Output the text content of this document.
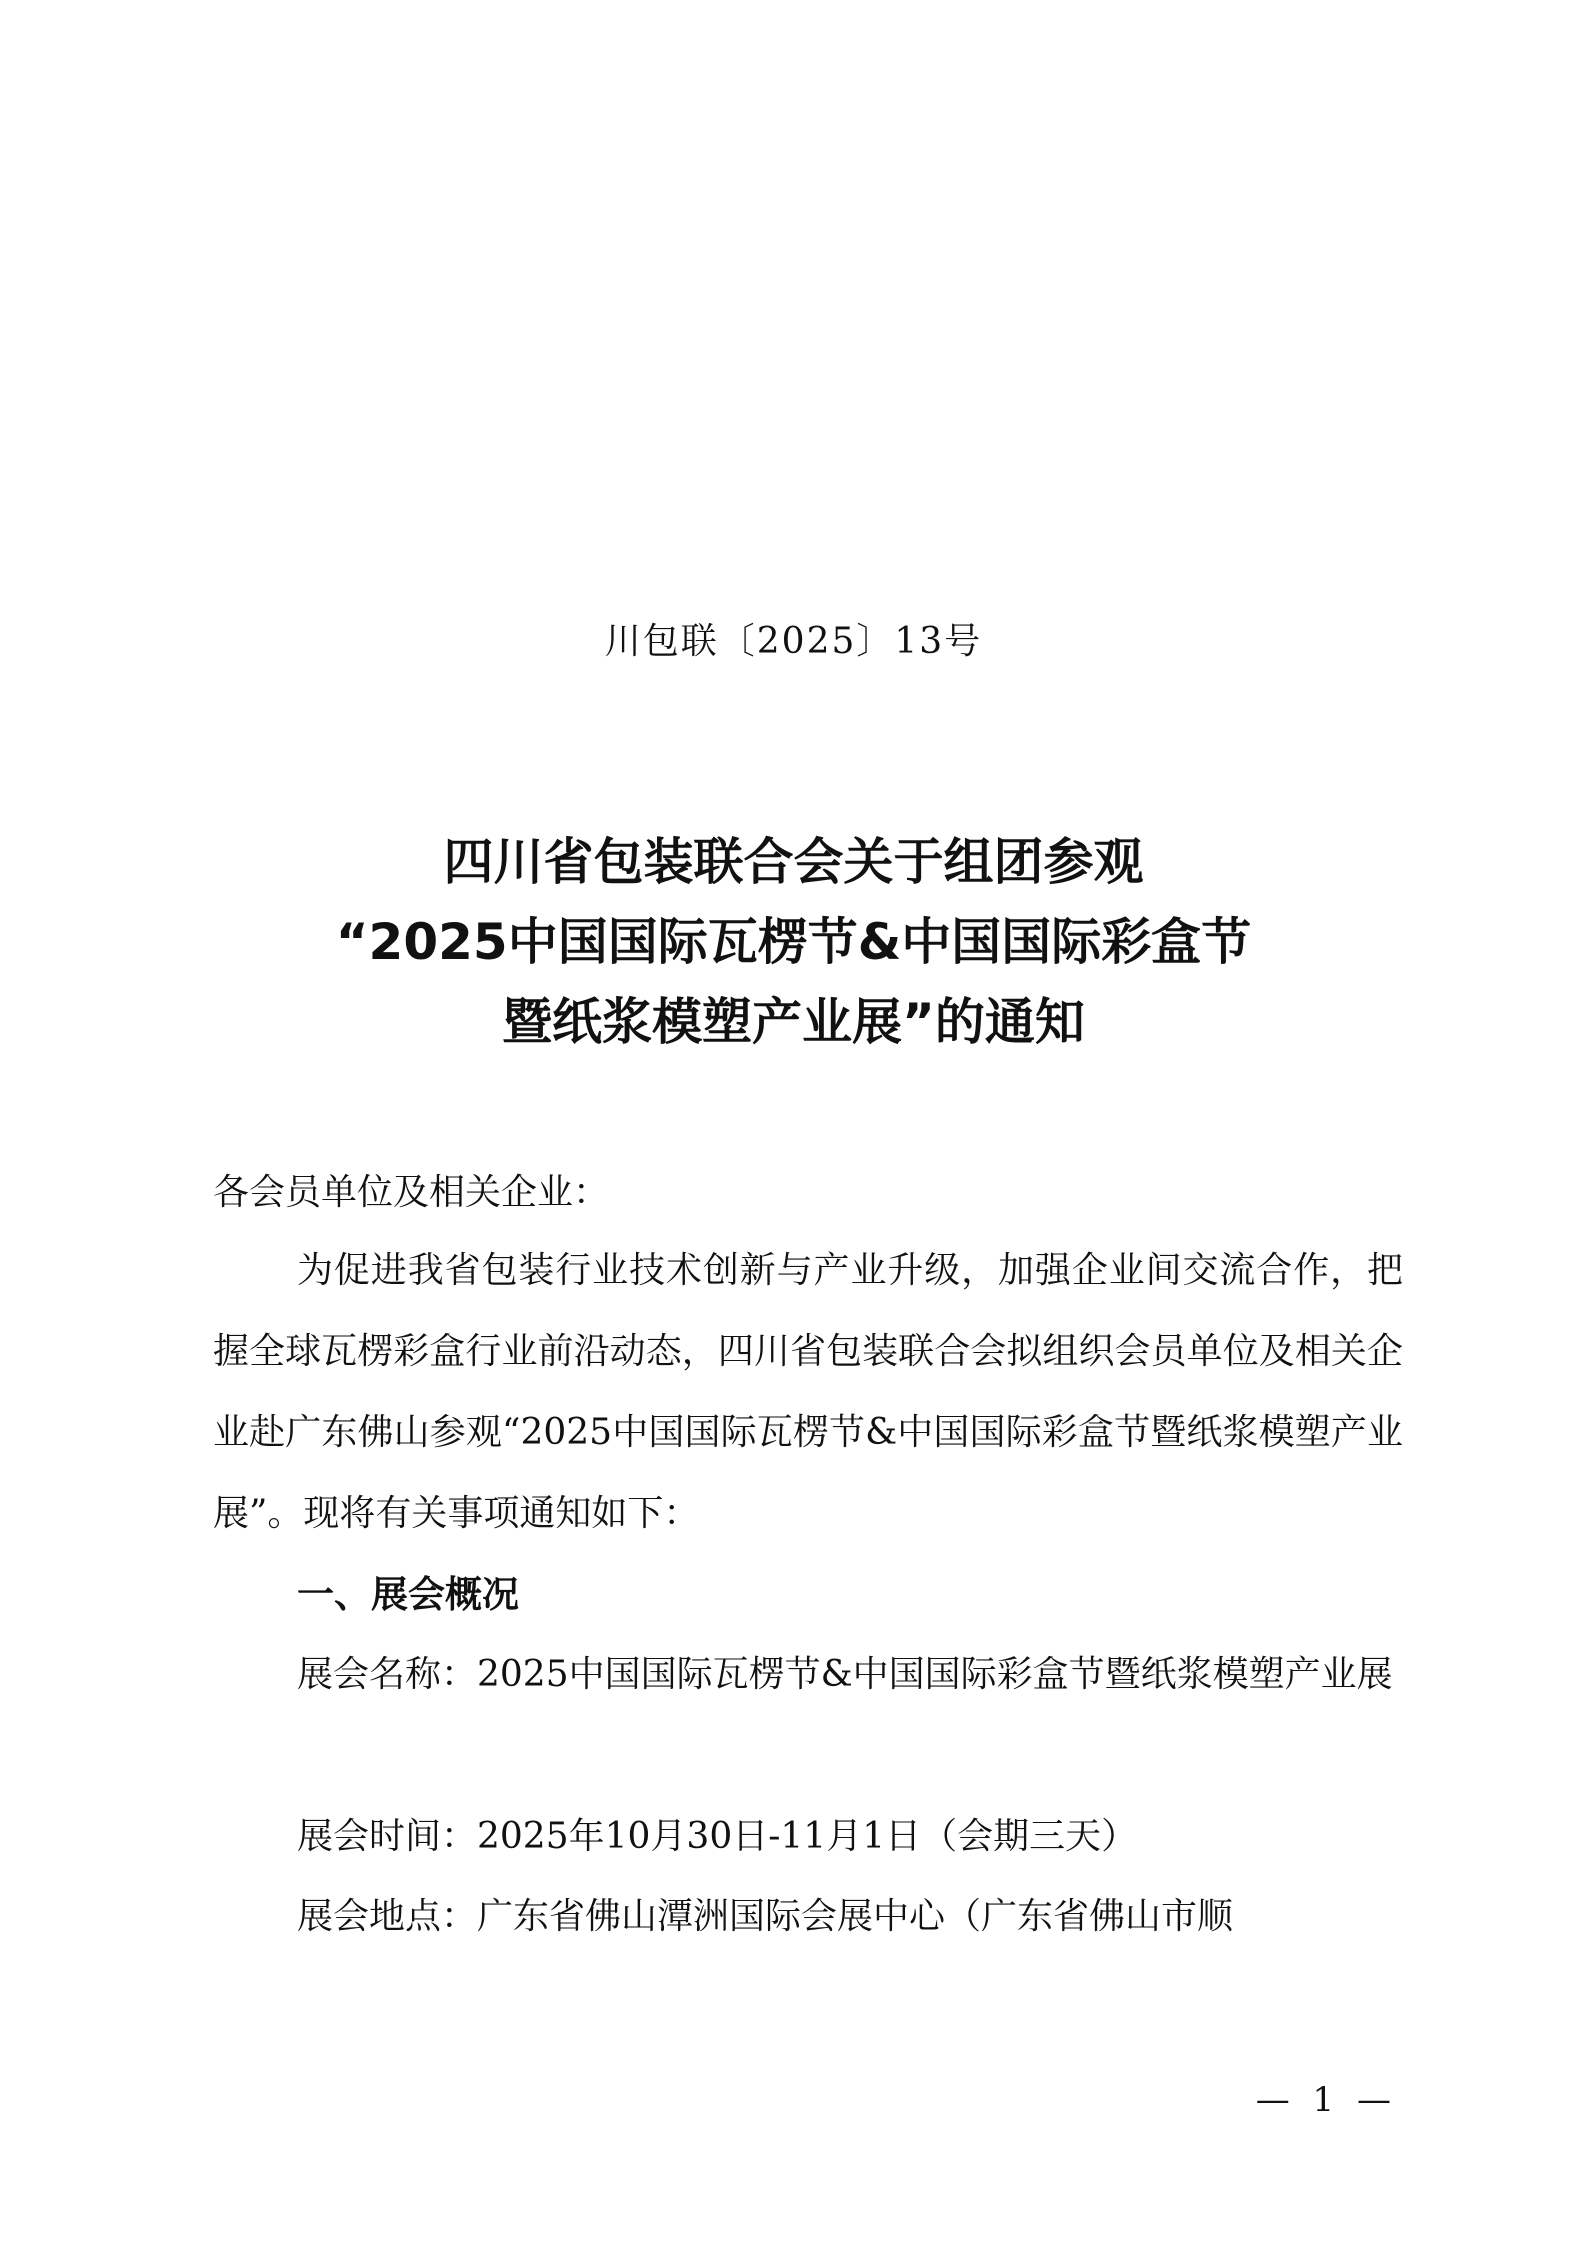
川包联〔2025〕13号
四川省包装联合会关于组团参观
“2025中国国际瓦楞节&中国国际彩盒节
暨纸浆模塑产业展”的通知
各会员单位及相关企业：
为促进我省包装行业技术创新与产业升级，加强企业间交流合作，把握全球瓦楞彩盒行业前沿动态，四川省包装联合会拟组织会员单位及相关企业赴广东佛山参观“2025中国国际瓦楞节&中国国际彩盒节暨纸浆模塑产业展”。现将有关事项通知如下：
一、展会概况
展会名称：2025中国国际瓦楞节&中国国际彩盒节暨纸浆模塑产业展
展会时间：2025年10月30日-11月1日（会期三天）
展会地点：广东省佛山潭洲国际会展中心（广东省佛山市顺
— 1 —
